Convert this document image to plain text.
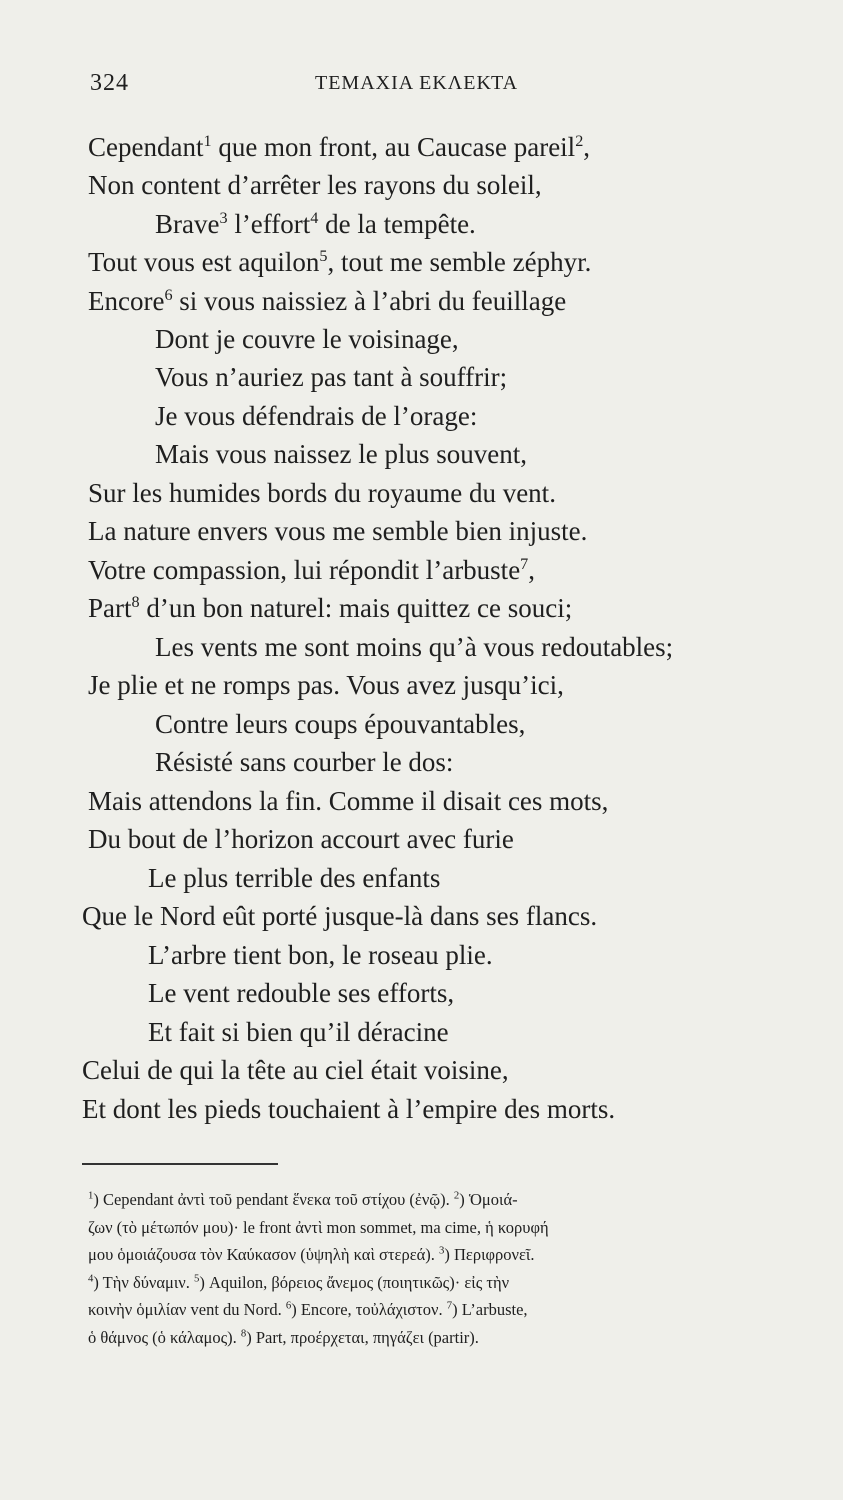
324	ΤΕΜΑΧΙΑ ΕΚΛΕΚΤΑ
Cependant$^1$ que mon front, au Caucase pareil$^2$,
Non content d’arrêter les rayons du soleil,
Brave$^3$ l’effort$^4$ de la tempête.
Tout vous est aquilon$^5$, tout me semble zéphyr.
Encore$^6$ si vous naissiez à l’abri du feuillage
Dont je couvre le voisinage,
Vous n’auriez pas tant à souffrir;
Je vous défendrais de l’orage:
Mais vous naissez le plus souvent,
Sur les humides bords du royaume du vent.
La nature envers vous me semble bien injuste.
Votre compassion, lui répondit l’arbuste$^7$,
Part$^8$ d’un bon naturel: mais quittez ce souci;
Les vents me sont moins qu’à vous redoutables;
Je plie et ne romps pas. Vous avez jusqu’ici,
Contre leurs coups épouvantables,
Résisté sans courber le dos:
Mais attendons la fin. Comme il disait ces mots,
Du bout de l’horizon accourt avec furie
Le plus terrible des enfants
Que le Nord eût porté jusque-là dans ses flancs.
L’arbre tient bon, le roseau plie.
Le vent redouble ses efforts,
Et fait si bien qu’il déracine
Celui de qui la tête au ciel était voisine,
Et dont les pieds touchaient à l’empire des morts.
$^1$) Cependant ἀντὶ τοῦ pendant ἕνεκα τοῦ στίχου (ἐνῷ). $^2$) Ὁμοιά-
ζων (τὸ μέτωπόν μου)· le front ἀντὶ mon sommet, ma cime, ἡ κορυφή
μου ὁμοιάζουσα τὸν Καύκασον (ὑψηλὴ καὶ στερεά). $^3$) Περιφρονεῖ.
$^4$) Τὴν δύναμιν. $^5$) Aquilon, βόρειος ἄνεμος (ποιητικῶς)· εἰς τὴν
κοινὴν ὁμιλίαν vent du Nord. $^6$) Encore, τοὐλάχιστον. $^7$) L’arbuste,
ὁ θάμνος (ὁ κάλαμος). $^8$) Part, προέρχεται, πηγάζει (partir).
